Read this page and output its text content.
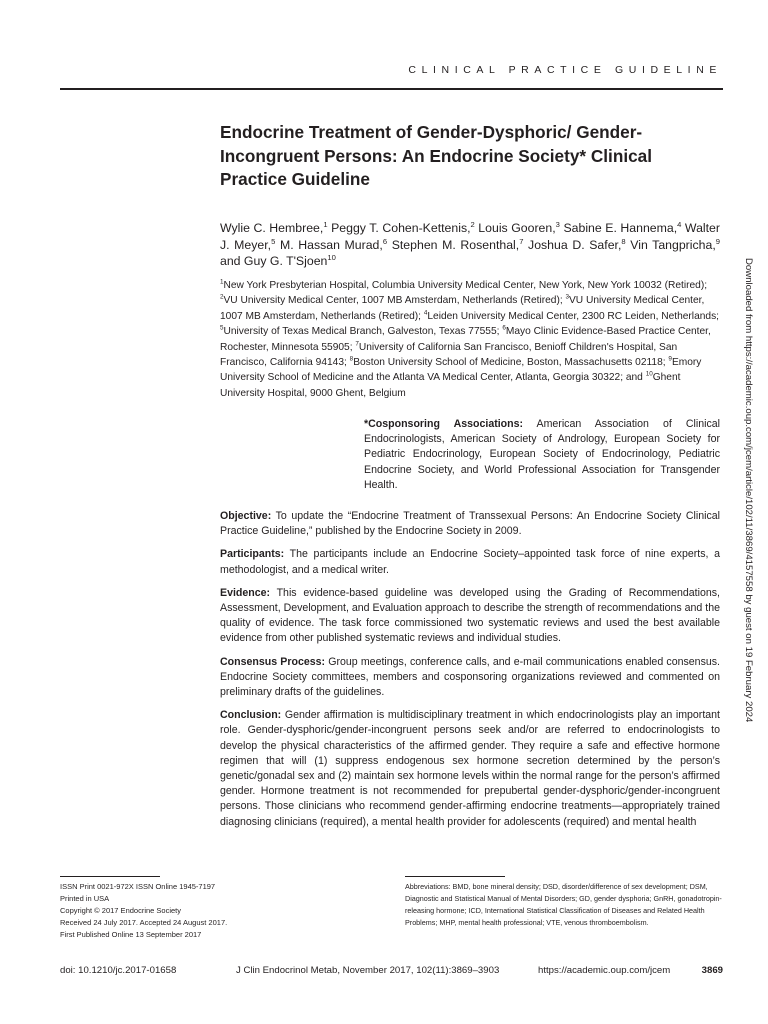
CLINICAL PRACTICE GUIDELINE
Endocrine Treatment of Gender-Dysphoric/ Gender-Incongruent Persons: An Endocrine Society* Clinical Practice Guideline
Wylie C. Hembree,$^1$ Peggy T. Cohen-Kettenis,$^2$ Louis Gooren,$^3$ Sabine E. Hannema,$^4$ Walter J. Meyer,$^5$ M. Hassan Murad,$^6$ Stephen M. Rosenthal,$^7$ Joshua D. Safer,$^8$ Vin Tangpricha,$^9$ and Guy G. T'Sjoen$^{10}$
$^1$New York Presbyterian Hospital, Columbia University Medical Center, New York, New York 10032 (Retired); $^2$VU University Medical Center, 1007 MB Amsterdam, Netherlands (Retired); $^3$VU University Medical Center, 1007 MB Amsterdam, Netherlands (Retired); $^4$Leiden University Medical Center, 2300 RC Leiden, Netherlands; $^5$University of Texas Medical Branch, Galveston, Texas 77555; $^6$Mayo Clinic Evidence-Based Practice Center, Rochester, Minnesota 55905; $^7$University of California San Francisco, Benioff Children's Hospital, San Francisco, California 94143; $^8$Boston University School of Medicine, Boston, Massachusetts 02118; $^9$Emory University School of Medicine and the Atlanta VA Medical Center, Atlanta, Georgia 30322; and $^{10}$Ghent University Hospital, 9000 Ghent, Belgium
*Cosponsoring Associations: American Association of Clinical Endocrinologists, American Society of Andrology, European Society for Pediatric Endocrinology, European Society of Endocrinology, Pediatric Endocrine Society, and World Professional Association for Transgender Health.

Objective: To update the “Endocrine Treatment of Transsexual Persons: An Endocrine Society Clinical Practice Guideline,” published by the Endocrine Society in 2009.

Participants: The participants include an Endocrine Society–appointed task force of nine experts, a methodologist, and a medical writer.

Evidence: This evidence-based guideline was developed using the Grading of Recommendations, Assessment, Development, and Evaluation approach to describe the strength of recommendations and the quality of evidence. The task force commissioned two systematic reviews and used the best available evidence from other published systematic reviews and individual studies.

Consensus Process: Group meetings, conference calls, and e-mail communications enabled consensus. Endocrine Society committees, members and cosponsoring organizations reviewed and commented on preliminary drafts of the guidelines.

Conclusion: Gender affirmation is multidisciplinary treatment in which endocrinologists play an important role. Gender-dysphoric/gender-incongruent persons seek and/or are referred to endocrinologists to develop the physical characteristics of the affirmed gender. They require a safe and effective hormone regimen that will (1) suppress endogenous sex hormone secretion determined by the person’s genetic/gonadal sex and (2) maintain sex hormone levels within the normal range for the person’s affirmed gender. Hormone treatment is not recommended for prepubertal gender-dysphoric/gender-incongruent persons. Those clinicians who recommend gender-affirming endocrine treatments—appropriately trained diagnosing clinicians (required), a mental health provider for adolescents (required) and mental health

Downloaded from https://academic.oup.com/jcem/article/102/11/3869/4157558 by guest on 19 February 2024
ISSN Print 0021-972X ISSN Online 1945-7197
Printed in USA
Copyright © 2017 Endocrine Society
Received 24 July 2017. Accepted 24 August 2017.
First Published Online 13 September 2017
Abbreviations: BMD, bone mineral density; DSD, disorder/difference of sex development; DSM, Diagnostic and Statistical Manual of Mental Disorders; GD, gender dysphoria; GnRH, gonadotropin-releasing hormone; ICD, International Statistical Classification of Diseases and Related Health Problems; MHP, mental health professional; VTE, venous thromboembolism.
doi: 10.1210/jc.2017-01658	J Clin Endocrinol Metab, November 2017, 102(11):3869–3903	https://academic.oup.com/jcem	3869
